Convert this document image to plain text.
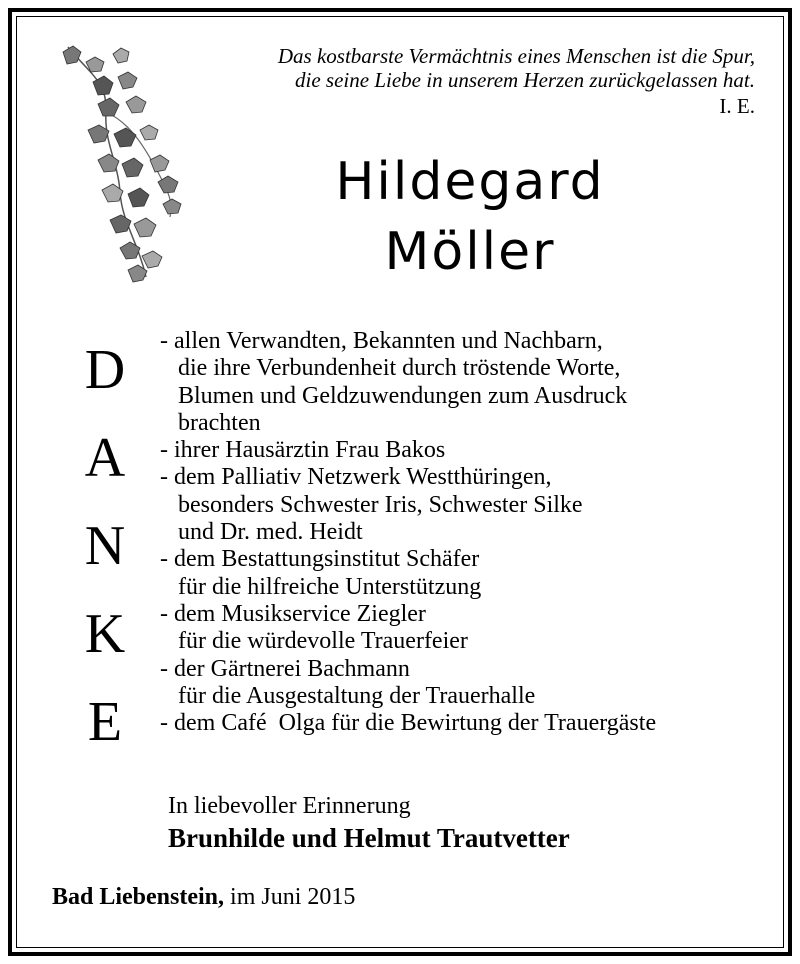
Das kostbarste Vermächtnis eines Menschen ist die Spur,
die seine Liebe in unserem Herzen zurückgelassen hat.
I. E.
Hildegard
Möller
D
A
N
K
E
- allen Verwandten, Bekannten und Nachbarn,
die ihre Verbundenheit durch tröstende Worte,
Blumen und Geldzuwendungen zum Ausdruck
brachten
- ihrer Hausärztin Frau Bakos
- dem Palliativ Netzwerk Westthüringen,
besonders Schwester Iris, Schwester Silke
und Dr. med. Heidt
- dem Bestattungsinstitut Schäfer
für die hilfreiche Unterstützung
- dem Musikservice Ziegler
für die würdevolle Trauerfeier
- der Gärtnerei Bachmann
für die Ausgestaltung der Trauerhalle
- dem Café  Olga für die Bewirtung der Trauergäste
In liebevoller Erinnerung
Brunhilde und Helmut Trautvetter
Bad Liebenstein, im Juni 2015
